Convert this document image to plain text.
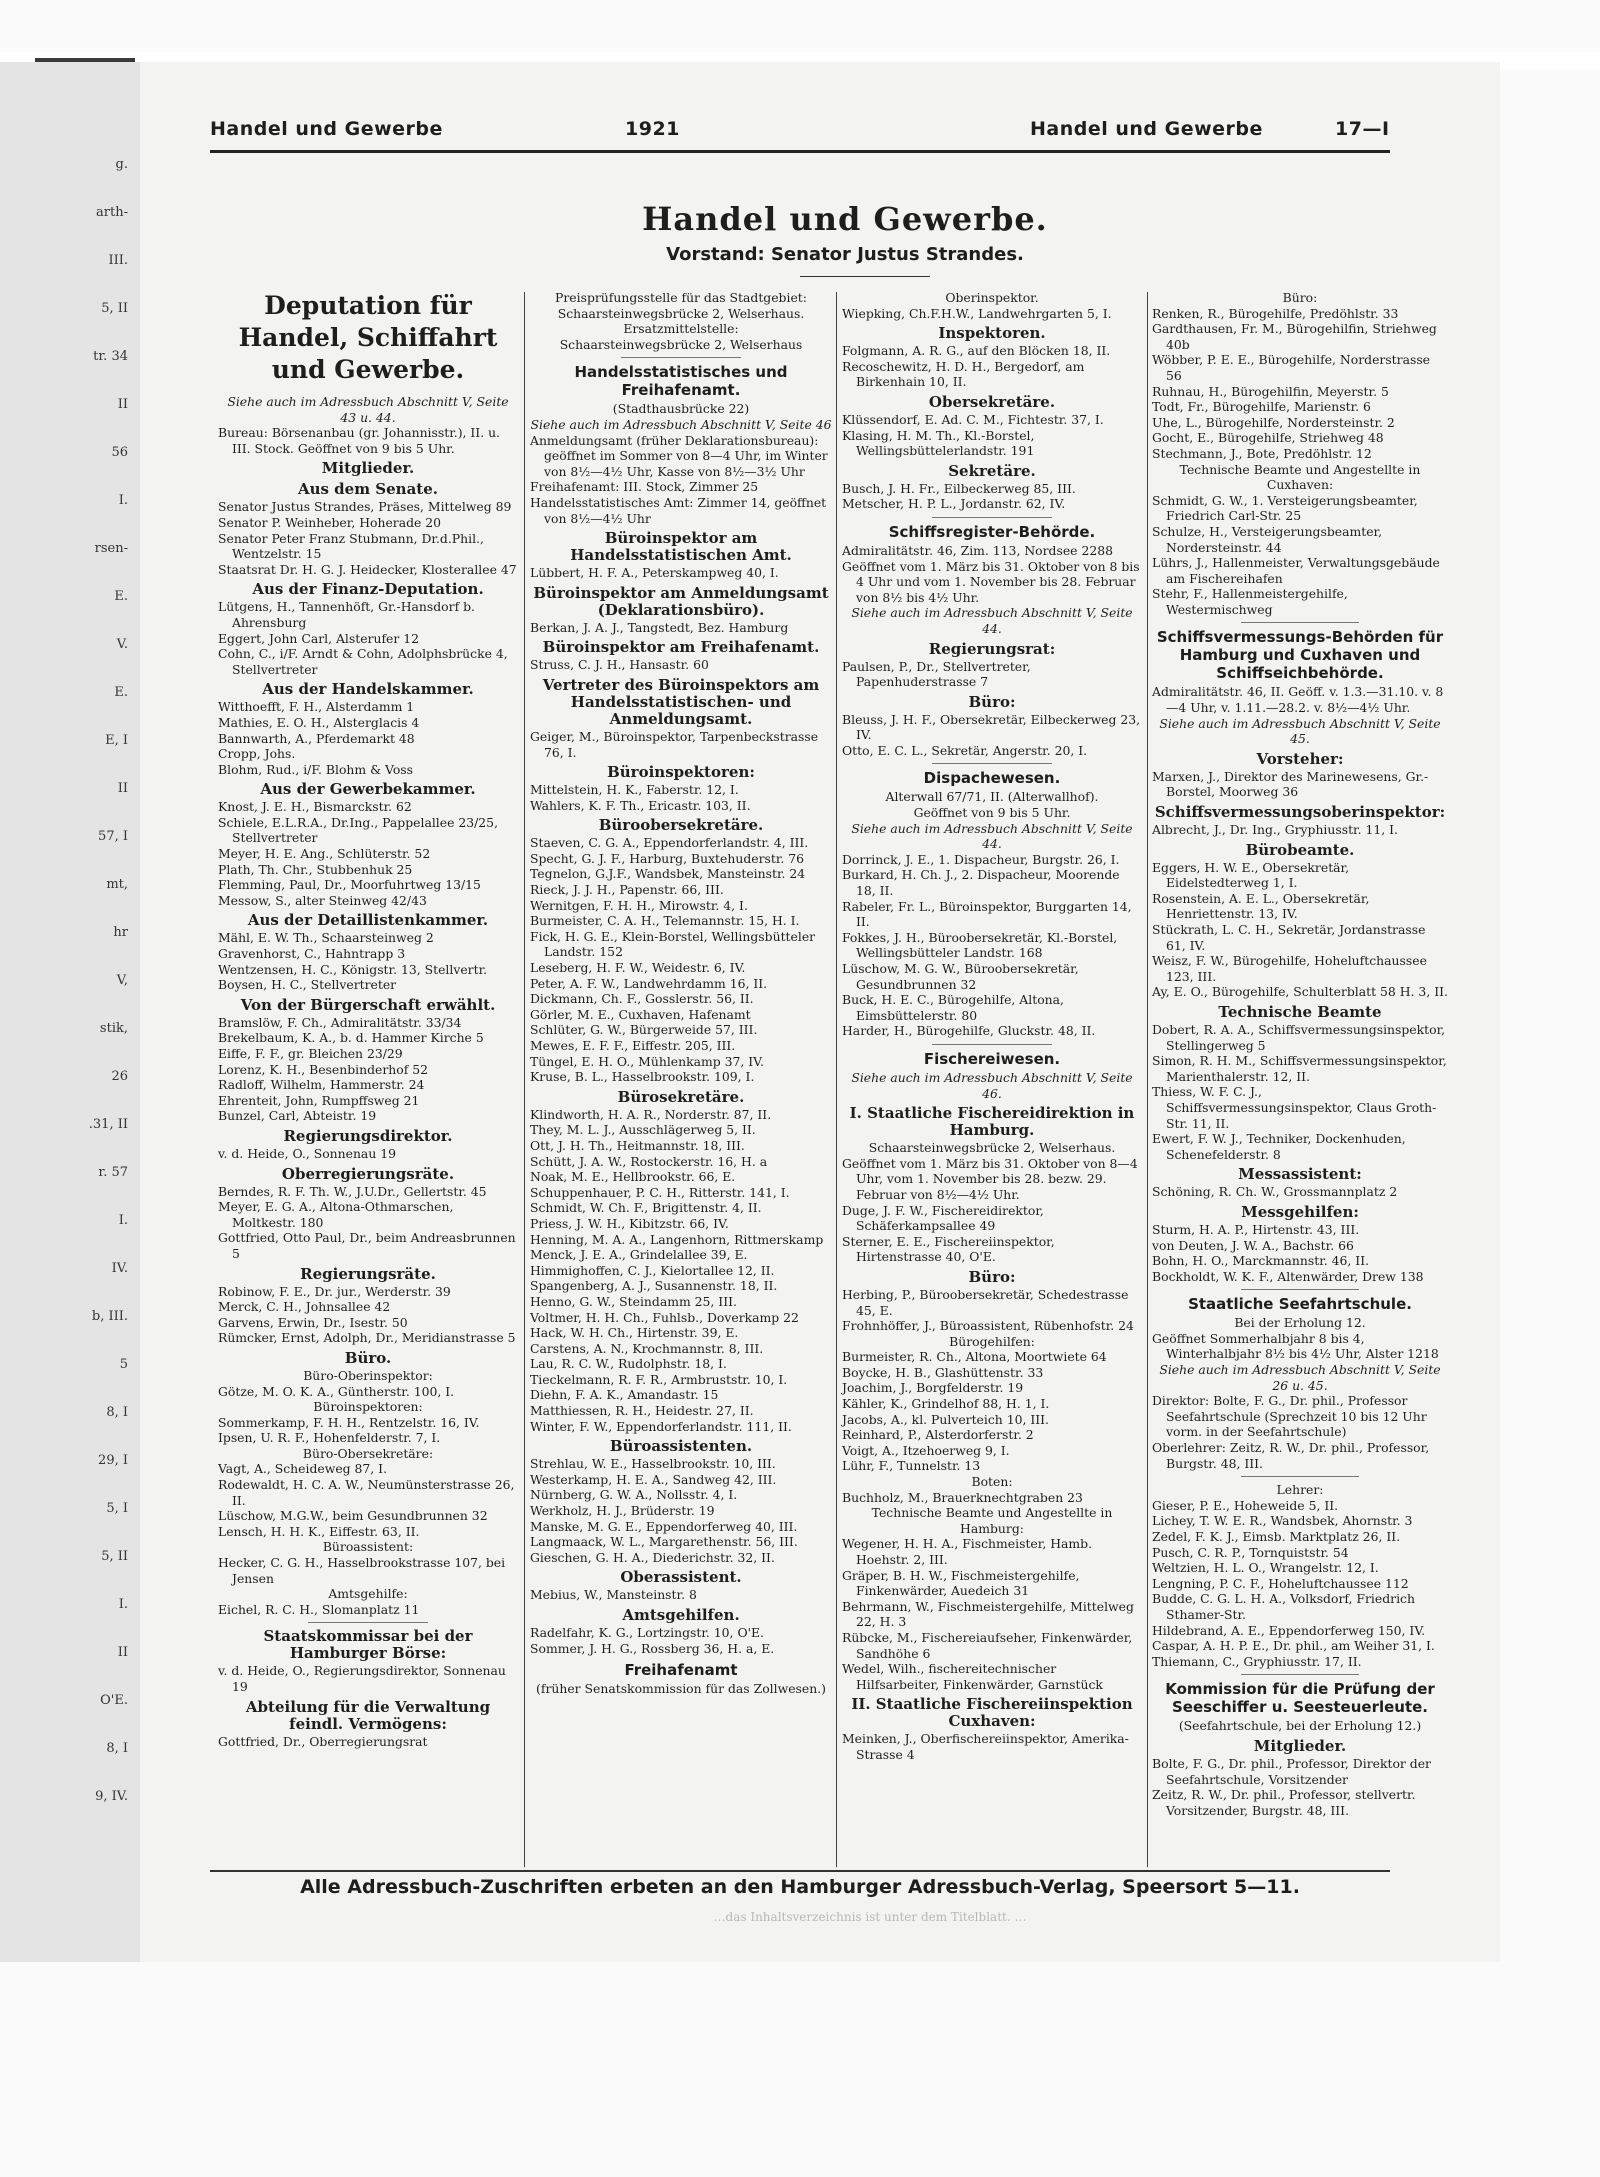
g.
arth-
III.
5, II
tr. 34
II
56
I.
rsen-
E.
V.
E.
E, I
II
57, I
mt,
hr
V,
stik,
26
.31, II
r. 57
I.
IV.
b, III.
5
8, I
29, I
5, I
5, II
I.
II
O'E.
8, I
9, IV.
Handel und Gewerbe	1921	Handel und Gewerbe	17—I
Handel und Gewerbe.
Vorstand: Senator Justus Strandes.
Deputation für Handel, Schiffahrt und Gewerbe.
Siehe auch im Adressbuch Abschnitt V, Seite 43 u. 44.
Bureau: Börsenanbau (gr. Johannisstr.), II. u. III. Stock. Geöffnet von 9 bis 5 Uhr.
Mitglieder.
Aus dem Senate.
Senator Justus Strandes, Präses, Mittelweg 89
Senator P. Weinheber, Hoherade 20
Senator Peter Franz Stubmann, Dr.d.Phil., Wentzelstr. 15
Staatsrat Dr. H. G. J. Heidecker, Klosterallee 47
Aus der Finanz-Deputation.
Lütgens, H., Tannenhöft, Gr.-Hansdorf b. Ahrensburg
Eggert, John Carl, Alsterufer 12
Cohn, C., i/F. Arndt & Cohn, Adolphsbrücke 4, Stellvertreter
Aus der Handelskammer.
Witthoefft, F. H., Alsterdamm 1
Mathies, E. O. H., Alsterglacis 4
Bannwarth, A., Pferdemarkt 48
Cropp, Johs.
Blohm, Rud., i/F. Blohm & Voss
Aus der Gewerbekammer.
Knost, J. E. H., Bismarckstr. 62
Schiele, E.L.R.A., Dr.Ing., Pappelallee 23/25, Stellvertreter
Meyer, H. E. Ang., Schlüterstr. 52
Plath, Th. Chr., Stubbenhuk 25
Flemming, Paul, Dr., Moorfuhrtweg 13/15
Messow, S., alter Steinweg 42/43
Aus der Detaillistenkammer.
Mähl, E. W. Th., Schaarsteinweg 2
Gravenhorst, C., Hahntrapp 3
Wentzensen, H. C., Königstr. 13, Stellvertr.
Boysen, H. C., Stellvertreter
Von der Bürgerschaft erwählt.
Bramslöw, F. Ch., Admiralitätstr. 33/34
Brekelbaum, K. A., b. d. Hammer Kirche 5
Eiffe, F. F., gr. Bleichen 23/29
Lorenz, K. H., Besenbinderhof 52
Radloff, Wilhelm, Hammerstr. 24
Ehrenteit, John, Rumpffsweg 21
Bunzel, Carl, Abteistr. 19
Regierungsdirektor.
v. d. Heide, O., Sonnenau 19
Oberregierungsräte.
Berndes, R. F. Th. W., J.U.Dr., Gellertstr. 45
Meyer, E. G. A., Altona-Othmarschen, Moltkestr. 180
Gottfried, Otto Paul, Dr., beim Andreasbrunnen 5
Regierungsräte.
Robinow, F. E., Dr. jur., Werderstr. 39
Merck, C. H., Johnsallee 42
Garvens, Erwin, Dr., Isestr. 50
Rümcker, Ernst, Adolph, Dr., Meridianstrasse 5
Büro.
Büro-Oberinspektor:
Götze, M. O. K. A., Güntherstr. 100, I.
Büroinspektoren:
Sommerkamp, F. H. H., Rentzelstr. 16, IV.
Ipsen, U. R. F., Hohenfelderstr. 7, I.
Büro-Obersekretäre:
Vagt, A., Scheideweg 87, I.
Rodewaldt, H. C. A. W., Neumünsterstrasse 26, II.
Lüschow, M.G.W., beim Gesundbrunnen 32
Lensch, H. H. K., Eiffestr. 63, II.
Büroassistent:
Hecker, C. G. H., Hasselbrookstrasse 107, bei Jensen
Amtsgehilfe:
Eichel, R. C. H., Slomanplatz 11
Staatskommissar bei der Hamburger Börse:
v. d. Heide, O., Regierungsdirektor, Sonnenau 19
Abteilung für die Verwaltung feindl. Vermögens:
Gottfried, Dr., Oberregierungsrat
Preisprüfungsstelle für das Stadtgebiet:
Schaarsteinwegsbrücke 2, Welserhaus.
Ersatzmittelstelle:
Schaarsteinwegsbrücke 2, Welserhaus
Handelsstatistisches und Freihafenamt.
(Stadthausbrücke 22)
Siehe auch im Adressbuch Abschnitt V, Seite 46
Anmeldungsamt (früher Deklarationsbureau): geöffnet im Sommer von 8—4 Uhr, im Winter von 8½—4½ Uhr, Kasse von 8½—3½ Uhr
Freihafenamt: III. Stock, Zimmer 25
Handelsstatistisches Amt: Zimmer 14, geöffnet von 8½—4½ Uhr
Büroinspektor am Handelsstatistischen Amt.
Lübbert, H. F. A., Peterskampweg 40, I.
Büroinspektor am Anmeldungsamt (Deklarationsbüro).
Berkan, J. A. J., Tangstedt, Bez. Hamburg
Büroinspektor am Freihafenamt.
Struss, C. J. H., Hansastr. 60
Vertreter des Büroinspektors am Handelsstatistischen- und Anmeldungsamt.
Geiger, M., Büroinspektor, Tarpenbeckstrasse 76, I.
Büroinspektoren:
Mittelstein, H. K., Faberstr. 12, I.
Wahlers, K. F. Th., Ericastr. 103, II.
Büroobersekretäre.
Staeven, C. G. A., Eppendorferlandstr. 4, III.
Specht, G. J. F., Harburg, Buxtehuderstr. 76
Tegnelon, G.J.F., Wandsbek, Mansteinstr. 24
Rieck, J. J. H., Papenstr. 66, III.
Wernitgen, F. H. H., Mirowstr. 4, I.
Burmeister, C. A. H., Telemannstr. 15, H. I.
Fick, H. G. E., Klein-Borstel, Wellingsbütteler Landstr. 152
Leseberg, H. F. W., Weidestr. 6, IV.
Peter, A. F. W., Landwehrdamm 16, II.
Dickmann, Ch. F., Gosslerstr. 56, II.
Görler, M. E., Cuxhaven, Hafenamt
Schlüter, G. W., Bürgerweide 57, III.
Mewes, E. F. F., Eiffestr. 205, III.
Tüngel, E. H. O., Mühlenkamp 37, IV.
Kruse, B. L., Hasselbrookstr. 109, I.
Bürosekretäre.
Klindworth, H. A. R., Norderstr. 87, II.
They, M. L. J., Ausschlägerweg 5, II.
Ott, J. H. Th., Heitmannstr. 18, III.
Schütt, J. A. W., Rostockerstr. 16, H. a
Noak, M. E., Hellbrookstr. 66, E.
Schuppenhauer, P. C. H., Ritterstr. 141, I.
Schmidt, W. Ch. F., Brigittenstr. 4, II.
Priess, J. W. H., Kibitzstr. 66, IV.
Henning, M. A. A., Langenhorn, Rittmerskamp
Menck, J. E. A., Grindelallee 39, E.
Himmighoffen, C. J., Kielortallee 12, II.
Spangenberg, A. J., Susannenstr. 18, II.
Henno, G. W., Steindamm 25, III.
Voltmer, H. H. Ch., Fuhlsb., Doverkamp 22
Hack, W. H. Ch., Hirtenstr. 39, E.
Carstens, A. N., Krochmannstr. 8, III.
Lau, R. C. W., Rudolphstr. 18, I.
Tieckelmann, R. F. R., Armbruststr. 10, I.
Diehn, F. A. K., Amandastr. 15
Matthiessen, R. H., Heidestr. 27, II.
Winter, F. W., Eppendorferlandstr. 111, II.
Büroassistenten.
Strehlau, W. E., Hasselbrookstr. 10, III.
Westerkamp, H. E. A., Sandweg 42, III.
Nürnberg, G. W. A., Nollsstr. 4, I.
Werkholz, H. J., Brüderstr. 19
Manske, M. G. E., Eppendorferweg 40, III.
Langmaack, W. L., Margarethenstr. 56, III.
Gieschen, G. H. A., Diederichstr. 32, II.
Oberassistent.
Mebius, W., Mansteinstr. 8
Amtsgehilfen.
Radelfahr, K. G., Lortzingstr. 10, O'E.
Sommer, J. H. G., Rossberg 36, H. a, E.
Freihafenamt
(früher Senatskommission für das Zollwesen.)
Oberinspektor.
Wiepking, Ch.F.H.W., Landwehrgarten 5, I.
Inspektoren.
Folgmann, A. R. G., auf den Blöcken 18, II.
Recoschewitz, H. D. H., Bergedorf, am Birkenhain 10, II.
Obersekretäre.
Klüssendorf, E. Ad. C. M., Fichtestr. 37, I.
Klasing, H. M. Th., Kl.-Borstel, Wellingsbüttelerlandstr. 191
Sekretäre.
Busch, J. H. Fr., Eilbeckerweg 85, III.
Metscher, H. P. L., Jordanstr. 62, IV.
Schiffsregister-Behörde.
Admiralitätstr. 46, Zim. 113, Nordsee 2288
Geöffnet vom 1. März bis 31. Oktober von 8 bis 4 Uhr und vom 1. November bis 28. Februar von 8½ bis 4½ Uhr.
Siehe auch im Adressbuch Abschnitt V, Seite 44.
Regierungsrat:
Paulsen, P., Dr., Stellvertreter, Papenhuderstrasse 7
Büro:
Bleuss, J. H. F., Obersekretär, Eilbeckerweg 23, IV.
Otto, E. C. L., Sekretär, Angerstr. 20, I.
Dispachewesen.
Alterwall 67/71, II. (Alterwallhof).
Geöffnet von 9 bis 5 Uhr.
Siehe auch im Adressbuch Abschnitt V, Seite 44.
Dorrinck, J. E., 1. Dispacheur, Burgstr. 26, I.
Burkard, H. Ch. J., 2. Dispacheur, Moorende 18, II.
Rabeler, Fr. L., Büroinspektor, Burggarten 14, II.
Fokkes, J. H., Büroobersekretär, Kl.-Borstel, Wellingsbütteler Landstr. 168
Lüschow, M. G. W., Büroobersekretär, Gesundbrunnen 32
Buck, H. E. C., Bürogehilfe, Altona, Eimsbüttelerstr. 80
Harder, H., Bürogehilfe, Gluckstr. 48, II.
Fischereiwesen.
Siehe auch im Adressbuch Abschnitt V, Seite 46.
I. Staatliche Fischereidirektion in Hamburg.
Schaarsteinwegsbrücke 2, Welserhaus.
Geöffnet vom 1. März bis 31. Oktober von 8—4 Uhr, vom 1. November bis 28. bezw. 29. Februar von 8½—4½ Uhr.
Duge, J. F. W., Fischereidirektor, Schäferkampsallee 49
Sterner, E. E., Fischereiinspektor, Hirtenstrasse 40, O'E.
Büro:
Herbing, P., Büroobersekretär, Schedestrasse 45, E.
Frohnhöffer, J., Büroassistent, Rübenhofstr. 24
Bürogehilfen:
Burmeister, R. Ch., Altona, Moortwiete 64
Boycke, H. B., Glashüttenstr. 33
Joachim, J., Borgfelderstr. 19
Kähler, K., Grindelhof 88, H. 1, I.
Jacobs, A., kl. Pulverteich 10, III.
Reinhard, P., Alsterdorferstr. 2
Voigt, A., Itzehoerweg 9, I.
Lühr, F., Tunnelstr. 13
Boten:
Buchholz, M., Brauerknechtgraben 23
Technische Beamte und Angestellte in Hamburg:
Wegener, H. H. A., Fischmeister, Hamb. Hoehstr. 2, III.
Gräper, B. H. W., Fischmeistergehilfe, Finkenwärder, Auedeich 31
Behrmann, W., Fischmeistergehilfe, Mittelweg 22, H. 3
Rübcke, M., Fischereiaufseher, Finkenwärder, Sandhöhe 6
Wedel, Wilh., fischereitechnischer Hilfsarbeiter, Finkenwärder, Garnstück
II. Staatliche Fischereiinspektion Cuxhaven:
Meinken, J., Oberfischereiinspektor, Amerika-Strasse 4
Büro:
Renken, R., Bürogehilfe, Predöhlstr. 33
Gardthausen, Fr. M., Bürogehilfin, Striehweg 40b
Wöbber, P. E. E., Bürogehilfe, Norderstrasse 56
Ruhnau, H., Bürogehilfin, Meyerstr. 5
Todt, Fr., Bürogehilfe, Marienstr. 6
Uhe, L., Bürogehilfe, Nordersteinstr. 2
Gocht, E., Bürogehilfe, Striehweg 48
Stechmann, J., Bote, Predöhlstr. 12
Technische Beamte und Angestellte in Cuxhaven:
Schmidt, G. W., 1. Versteigerungsbeamter, Friedrich Carl-Str. 25
Schulze, H., Versteigerungsbeamter, Nordersteinstr. 44
Lührs, J., Hallenmeister, Verwaltungsgebäude am Fischereihafen
Stehr, F., Hallenmeistergehilfe, Westermischweg
Schiffsvermessungs-Behörden für Hamburg und Cuxhaven und Schiffseichbehörde.
Admiralitätstr. 46, II. Geöff. v. 1.3.—31.10. v. 8—4 Uhr, v. 1.11.—28.2. v. 8½—4½ Uhr.
Siehe auch im Adressbuch Abschnitt V, Seite 45.
Vorsteher:
Marxen, J., Direktor des Marinewesens, Gr.-Borstel, Moorweg 36
Schiffsvermessungsoberinspektor:
Albrecht, J., Dr. Ing., Gryphiusstr. 11, I.
Bürobeamte.
Eggers, H. W. E., Obersekretär, Eidelstedterweg 1, I.
Rosenstein, A. E. L., Obersekretär, Henriettenstr. 13, IV.
Stückrath, L. C. H., Sekretär, Jordanstrasse 61, IV.
Weisz, F. W., Bürogehilfe, Hoheluftchaussee 123, III.
Ay, E. O., Bürogehilfe, Schulterblatt 58 H. 3, II.
Technische Beamte
Dobert, R. A. A., Schiffsvermessungsinspektor, Stellingerweg 5
Simon, R. H. M., Schiffsvermessungsinspektor, Marienthalerstr. 12, II.
Thiess, W. F. C. J., Schiffsvermessungsinspektor, Claus Groth-Str. 11, II.
Ewert, F. W. J., Techniker, Dockenhuden, Schenefelderstr. 8
Messassistent:
Schöning, R. Ch. W., Grossmannplatz 2
Messgehilfen:
Sturm, H. A. P., Hirtenstr. 43, III.
von Deuten, J. W. A., Bachstr. 66
Bohn, H. O., Marckmannstr. 46, II.
Bockholdt, W. K. F., Altenwärder, Drew 138
Staatliche Seefahrtschule.
Bei der Erholung 12.
Geöffnet Sommerhalbjahr 8 bis 4, Winterhalbjahr 8½ bis 4½ Uhr, Alster 1218
Siehe auch im Adressbuch Abschnitt V, Seite 26 u. 45.
Direktor: Bolte, F. G., Dr. phil., Professor Seefahrtschule (Sprechzeit 10 bis 12 Uhr vorm. in der Seefahrtschule)
Oberlehrer: Zeitz, R. W., Dr. phil., Professor, Burgstr. 48, III.
Lehrer:
Gieser, P. E., Hoheweide 5, II.
Lichey, T. W. E. R., Wandsbek, Ahornstr. 3
Zedel, F. K. J., Eimsb. Marktplatz 26, II.
Pusch, C. R. P., Tornquiststr. 54
Weltzien, H. L. O., Wrangelstr. 12, I.
Lengning, P. C. F., Hoheluftchaussee 112
Budde, C. G. L. H. A., Volksdorf, Friedrich Sthamer-Str.
Hildebrand, A. E., Eppendorferweg 150, IV.
Caspar, A. H. P. E., Dr. phil., am Weiher 31, I.
Thiemann, C., Gryphiusstr. 17, II.
Kommission für die Prüfung der Seeschiffer u. Seesteuerleute.
(Seefahrtschule, bei der Erholung 12.)
Mitglieder.
Bolte, F. G., Dr. phil., Professor, Direktor der Seefahrtschule, Vorsitzender
Zeitz, R. W., Dr. phil., Professor, stellvertr. Vorsitzender, Burgstr. 48, III.
Alle Adressbuch-Zuschriften erbeten an den Hamburger Adressbuch-Verlag, Speersort 5—11.
…das Inhaltsverzeichnis ist unter dem Titelblatt. …
